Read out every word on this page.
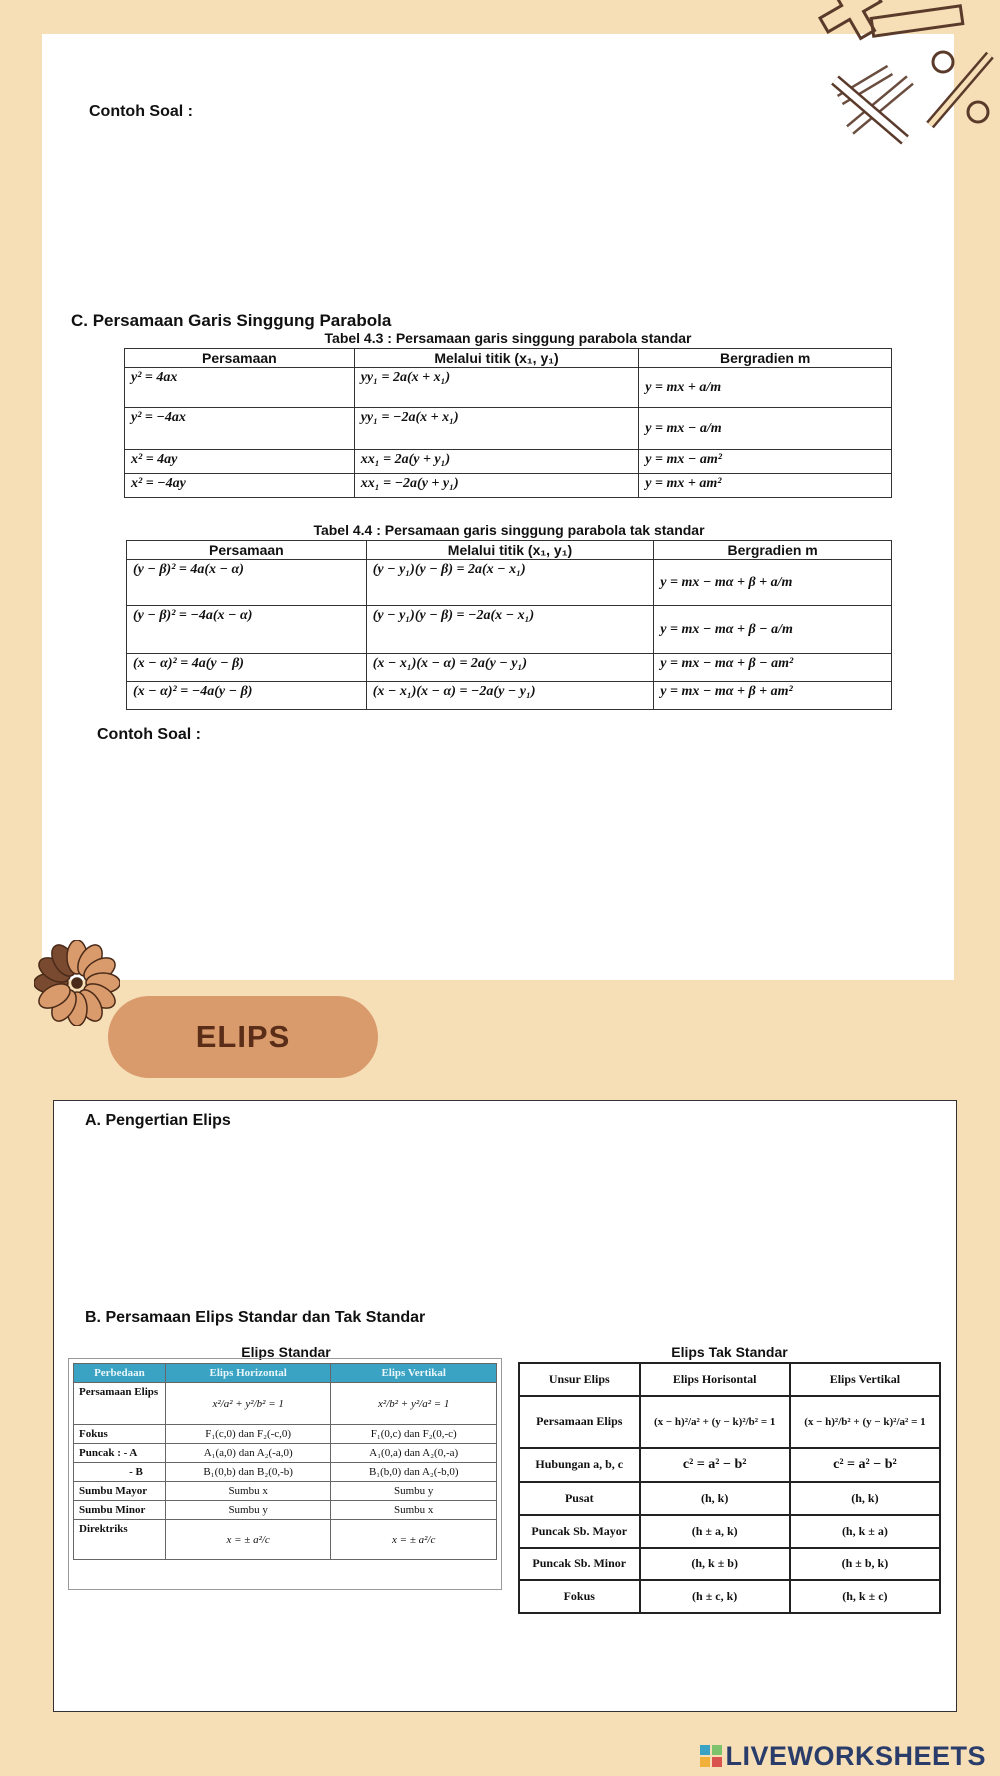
Contoh Soal :
C. Persamaan Garis Singgung Parabola
Tabel 4.3 : Persamaan garis singgung parabola standar
Persamaan	Melalui titik (x₁, y₁)	Bergradien m
y² = 4ax	yy₁ = 2a(x + x₁)	y = mx + a/m
y² = −4ax	yy₁ = −2a(x + x₁)	y = mx − a/m
x² = 4ay	xx₁ = 2a(y + y₁)	y = mx − am²
x² = −4ay	xx₁ = −2a(y + y₁)	y = mx + am²
Tabel 4.4 : Persamaan garis singgung parabola tak standar
Persamaan	Melalui titik (x₁, y₁)	Bergradien m
(y − β)² = 4a(x − α)	(y − y₁)(y − β) = 2a(x − x₁)	y = mx − mα + β + a/m
(y − β)² = −4a(x − α)	(y − y₁)(y − β) = −2a(x − x₁)	y = mx − mα + β − a/m
(x − α)² = 4a(y − β)	(x − x₁)(x − α) = 2a(y − y₁)	y = mx − mα + β − am²
(x − α)² = −4a(y − β)	(x − x₁)(x − α) = −2a(y − y₁)	y = mx − mα + β + am²
Contoh Soal :
ELIPS
A. Pengertian Elips
B. Persamaan Elips Standar dan Tak Standar
Elips Standar
Perbedaan	Elips Horizontal	Elips Vertikal
Persamaan Elips	x²/a² + y²/b² = 1	x²/b² + y²/a² = 1
Fokus	F₁(c,0) dan F₂(-c,0)	F₁(0,c) dan F₂(0,-c)
Puncak : - A	A₁(a,0) dan A₂(-a,0)	A₁(0,a) dan A₂(0,-a)
- B	B₁(0,b) dan B₂(0,-b)	B₁(b,0) dan A₂(-b,0)
Sumbu Mayor	Sumbu x	Sumbu y
Sumbu Minor	Sumbu y	Sumbu x
Direktriks	x = ± a²/c	x = ± a²/c
Elips Tak Standar
Unsur Elips	Elips Horisontal	Elips Vertikal
Persamaan Elips	(x − h)²/a² + (y − k)²/b² = 1	(x − h)²/b² + (y − k)²/a² = 1
Hubungan a, b, c	c² = a² − b²	c² = a² − b²
Pusat	(h, k)	(h, k)
Puncak Sb. Mayor	(h ± a, k)	(h, k ± a)
Puncak Sb. Minor	(h, k ± b)	(h ± b, k)
Fokus	(h ± c, k)	(h, k ± c)
LIVEWORKSHEETS
